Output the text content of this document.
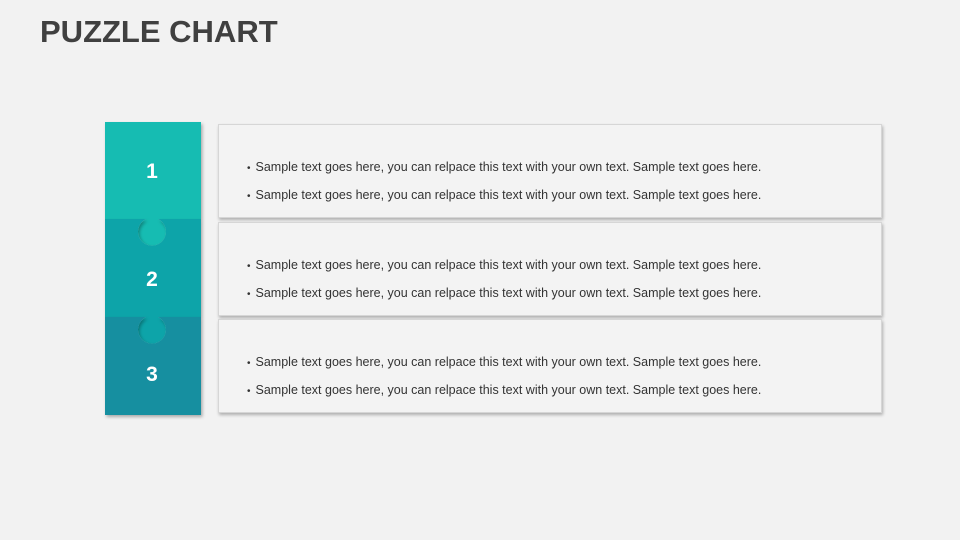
PUZZLE CHART
1
2
3
• Sample text goes here, you can relpace this text with your own text. Sample text goes here.
• Sample text goes here, you can relpace this text with your own text. Sample text goes here.
• Sample text goes here, you can relpace this text with your own text. Sample text goes here.
• Sample text goes here, you can relpace this text with your own text. Sample text goes here.
• Sample text goes here, you can relpace this text with your own text. Sample text goes here.
• Sample text goes here, you can relpace this text with your own text. Sample text goes here.
